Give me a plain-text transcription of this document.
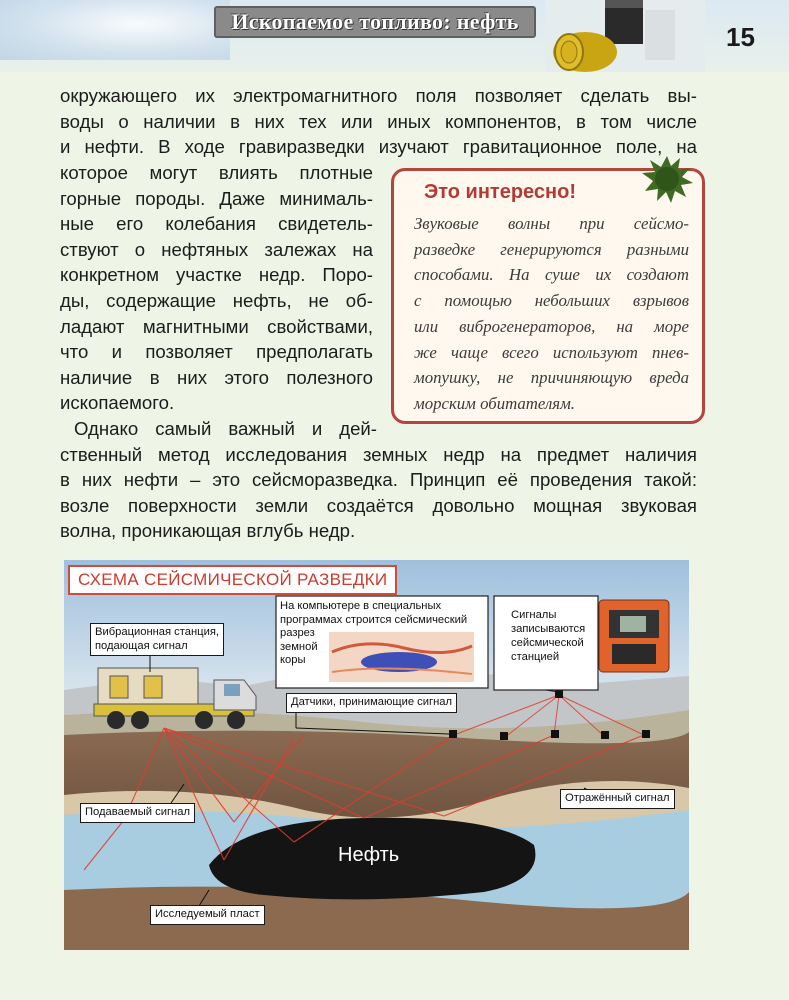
Ископаемое топливо: нефть
15
окружающего их электромагнитного поля позволяет сделать вы-
воды о наличии в них тех или иных компонентов, в том числе
и нефти. В ходе гравиразведки изучают гравитационное поле, на
которое могут влиять плотные
горные породы. Даже минималь-
ные его колебания свидетель-
ствуют о нефтяных залежах на
конкретном участке недр. Поро-
ды, содержащие нефть, не об-
ладают магнитными свойствами,
что и позволяет предполагать
наличие в них этого полезного
ископаемого.
Однако самый важный и дей-
ственный метод исследования земных недр на предмет наличия
в них нефти – это сейсморазведка. Принцип её проведения такой:
возле поверхности земли создаётся довольно мощная звуковая
волна, проникающая вглубь недр.
Это интересно!
Звуковые волны при сейсмо-
разведке генерируются разными
способами. На суше их создают
с помощью небольших взрывов
или виброгенераторов, на море
же чаще всего используют пнев-
мопушку, не причиняющую вреда
морским обитателям.
СХЕМА СЕЙСМИЧЕСКОЙ РАЗВЕДКИ
Вибрационная станция,
подающая сигнал
На компьютере в специальных
программах строится сейсмический
разрез
земной
коры
Сигналы
записываются
сейсмической
станцией
Датчики, принимающие сигнал
Подаваемый сигнал
Отражённый сигнал
Нефть
Исследуемый пласт
